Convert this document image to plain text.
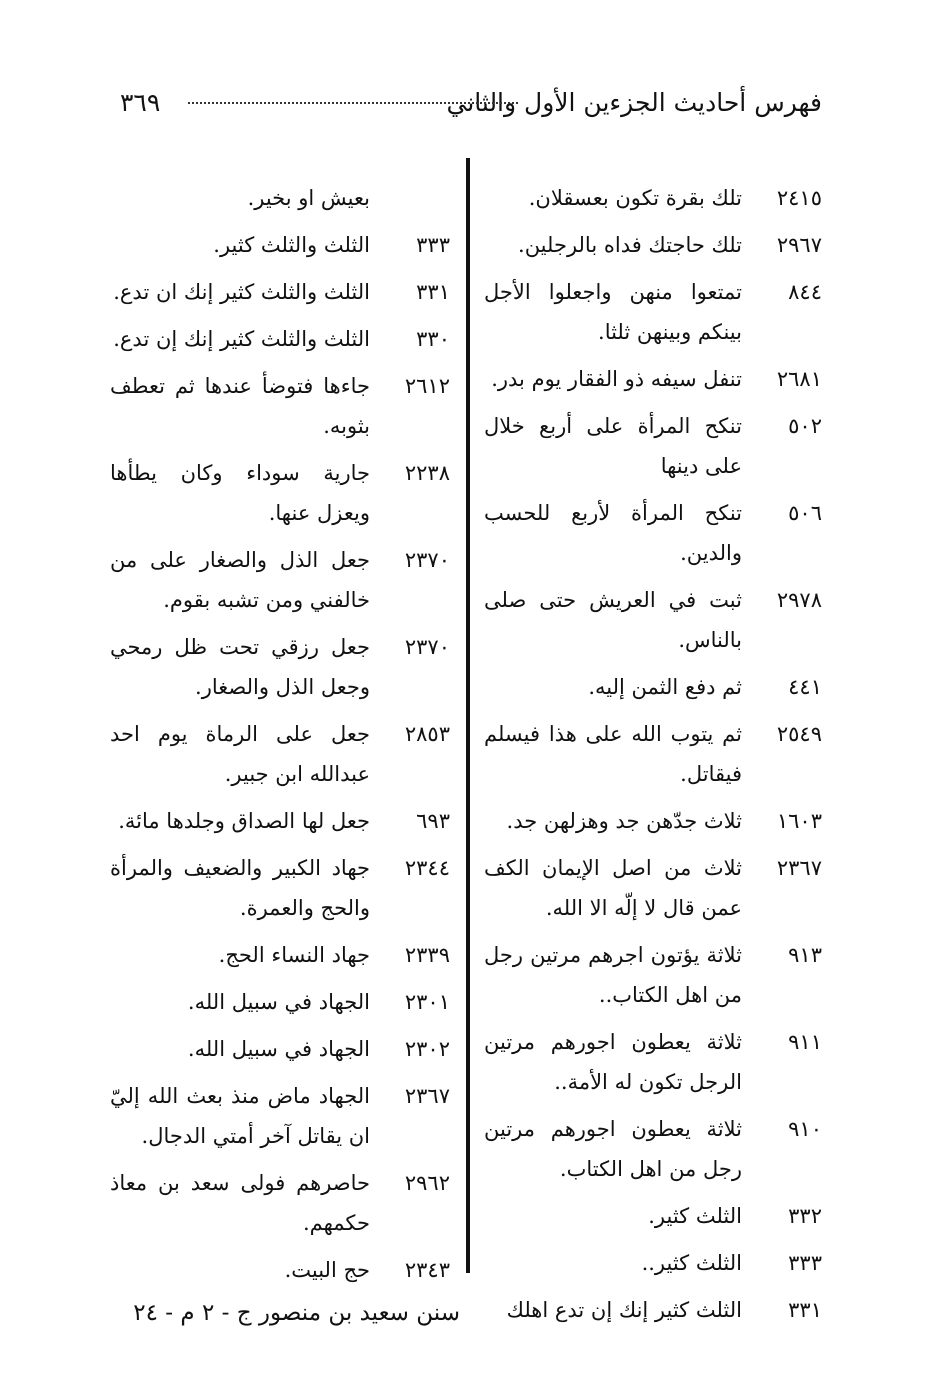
فهرس أحاديث الجزءين الأول والثاني
٣٦٩
٢٤١٥
تلك بقرة تكون بعسقلان.
٢٩٦٧
تلك حاجتك فداه بالرجلين.
٨٤٤
تمتعوا منهن واجعلوا الأجل بينكم وبينهن ثلثا.
٢٦٨١
تنفل سيفه ذو الفقار يوم بدر.
٥٠٢
تنكح المرأة على أربع خلال على دينها
٥٠٦
تنكح المرأة لأربع للحسب والدين.
٢٩٧٨
ثبت في العريش حتى صلى بالناس.
٤٤١
ثم دفع الثمن إليه.
٢٥٤٩
ثم يتوب الله على هذا فيسلم فيقاتل.
١٦٠٣
ثلاث جدّهن جد وهزلهن جد.
٢٣٦٧
ثلاث من اصل الإيمان الكف عمن قال لا إلّه الا الله.
٩١٣
ثلاثة يؤتون اجرهم مرتين رجل من اهل الكتاب..
٩١١
ثلاثة يعطون اجورهم مرتين الرجل تكون له الأمة..
٩١٠
ثلاثة يعطون اجورهم مرتين رجل من اهل الكتاب.
٣٣٢
الثلث كثير.
٣٣٣
الثلث كثير..
٣٣١
الثلث كثير إنك إن تدع اهلك
بعيش او بخير.
٣٣٣
الثلث والثلث كثير.
٣٣١
الثلث والثلث كثير إنك ان تدع.
٣٣٠
الثلث والثلث كثير إنك إن تدع.
٢٦١٢
جاءها فتوضأ عندها ثم تعطف بثوبه.
٢٢٣٨
جارية سوداء وكان يطأها ويعزل عنها.
٢٣٧٠
جعل الذل والصغار على من خالفني ومن تشبه بقوم.
٢٣٧٠
جعل رزقي تحت ظل رمحي وجعل الذل والصغار.
٢٨٥٣
جعل على الرماة يوم احد عبدالله ابن جبير.
٦٩٣
جعل لها الصداق وجلدها مائة.
٢٣٤٤
جهاد الكبير والضعيف والمرأة والحج والعمرة.
٢٣٣٩
جهاد النساء الحج.
٢٣٠١
الجهاد في سبيل الله.
٢٣٠٢
الجهاد في سبيل الله.
٢٣٦٧
الجهاد ماض منذ بعث الله إليّ ان يقاتل آخر أمتي الدجال.
٢٩٦٢
حاصرهم فولى سعد بن معاذ حكمهم.
٢٣٤٣
حج البيت.
سنن سعيد بن منصور ج - ٢ م - ٢٤
